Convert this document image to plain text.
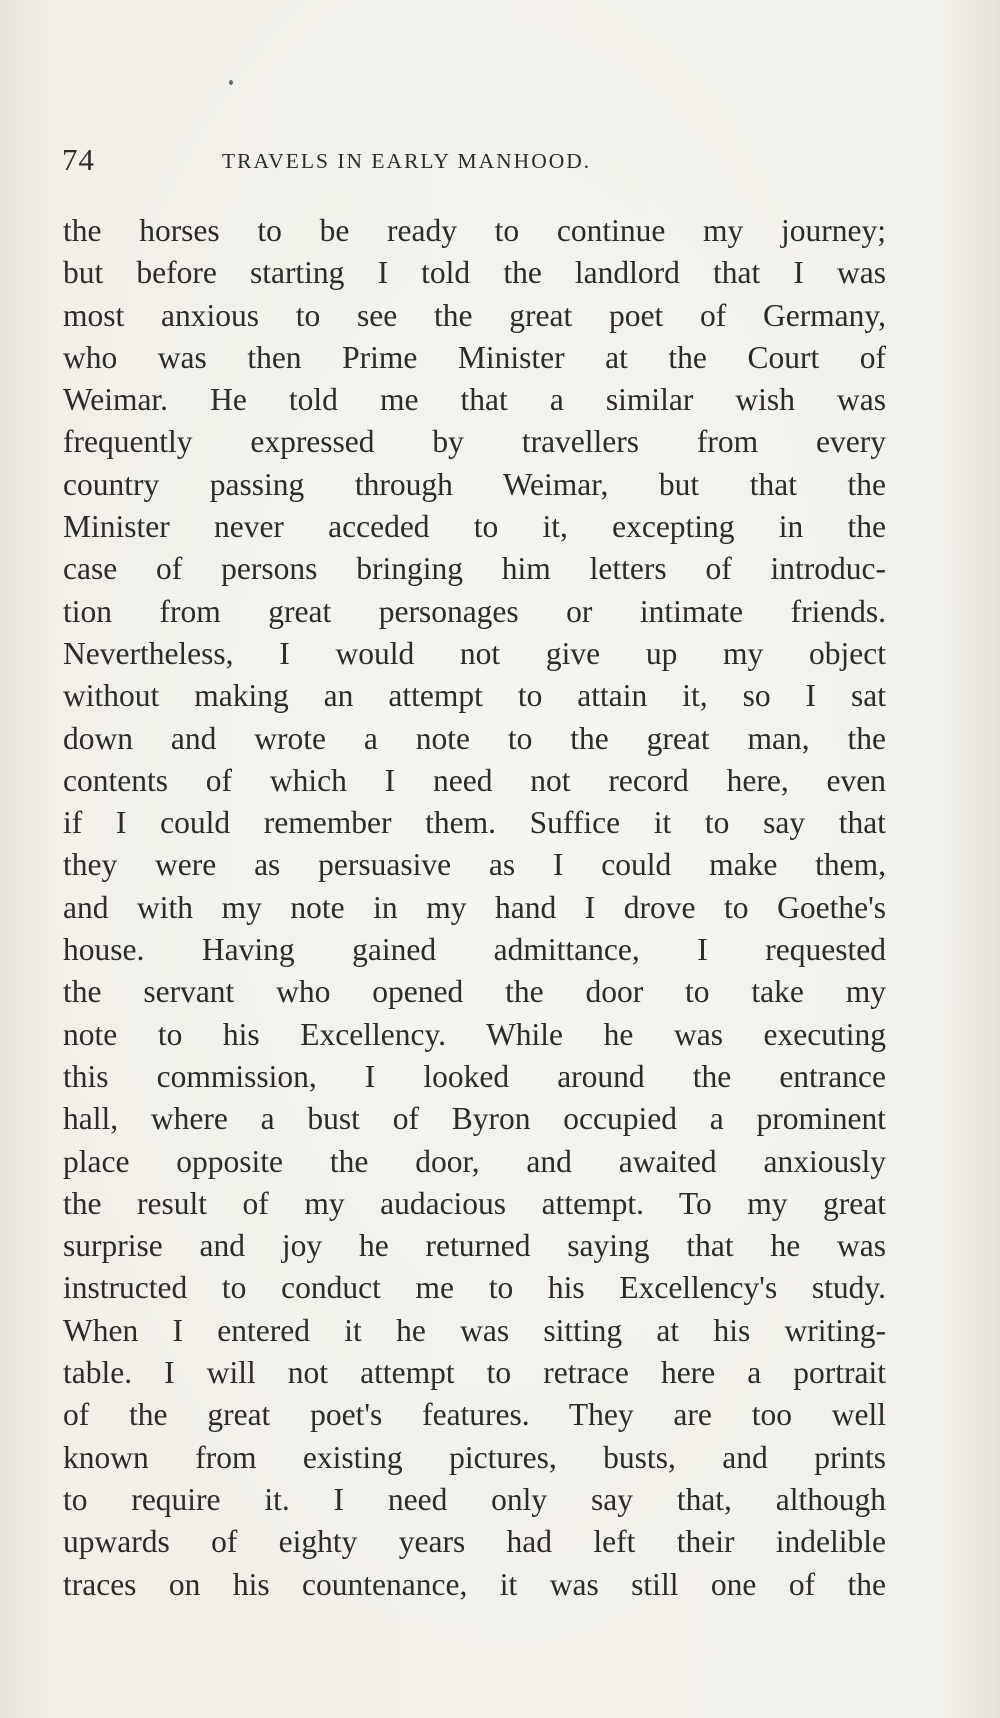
74	TRAVELS IN EARLY MANHOOD.
the horses to be ready to continue my journey;
but before starting I told the landlord that I was
most anxious to see the great poet of Germany,
who was then Prime Minister at the Court of
Weimar. He told me that a similar wish was
frequently expressed by travellers from every
country passing through Weimar, but that the
Minister never acceded to it, excepting in the
case of persons bringing him letters of introduc-
tion from great personages or intimate friends.
Nevertheless, I would not give up my object
without making an attempt to attain it, so I sat
down and wrote a note to the great man, the
contents of which I need not record here, even
if I could remember them. Suffice it to say that
they were as persuasive as I could make them,
and with my note in my hand I drove to Goethe's
house. Having gained admittance, I requested
the servant who opened the door to take my
note to his Excellency. While he was executing
this commission, I looked around the entrance
hall, where a bust of Byron occupied a prominent
place opposite the door, and awaited anxiously
the result of my audacious attempt. To my great
surprise and joy he returned saying that he was
instructed to conduct me to his Excellency's study.
When I entered it he was sitting at his writing-
table. I will not attempt to retrace here a portrait
of the great poet's features. They are too well
known from existing pictures, busts, and prints
to require it. I need only say that, although
upwards of eighty years had left their indelible
traces on his countenance, it was still one of the
